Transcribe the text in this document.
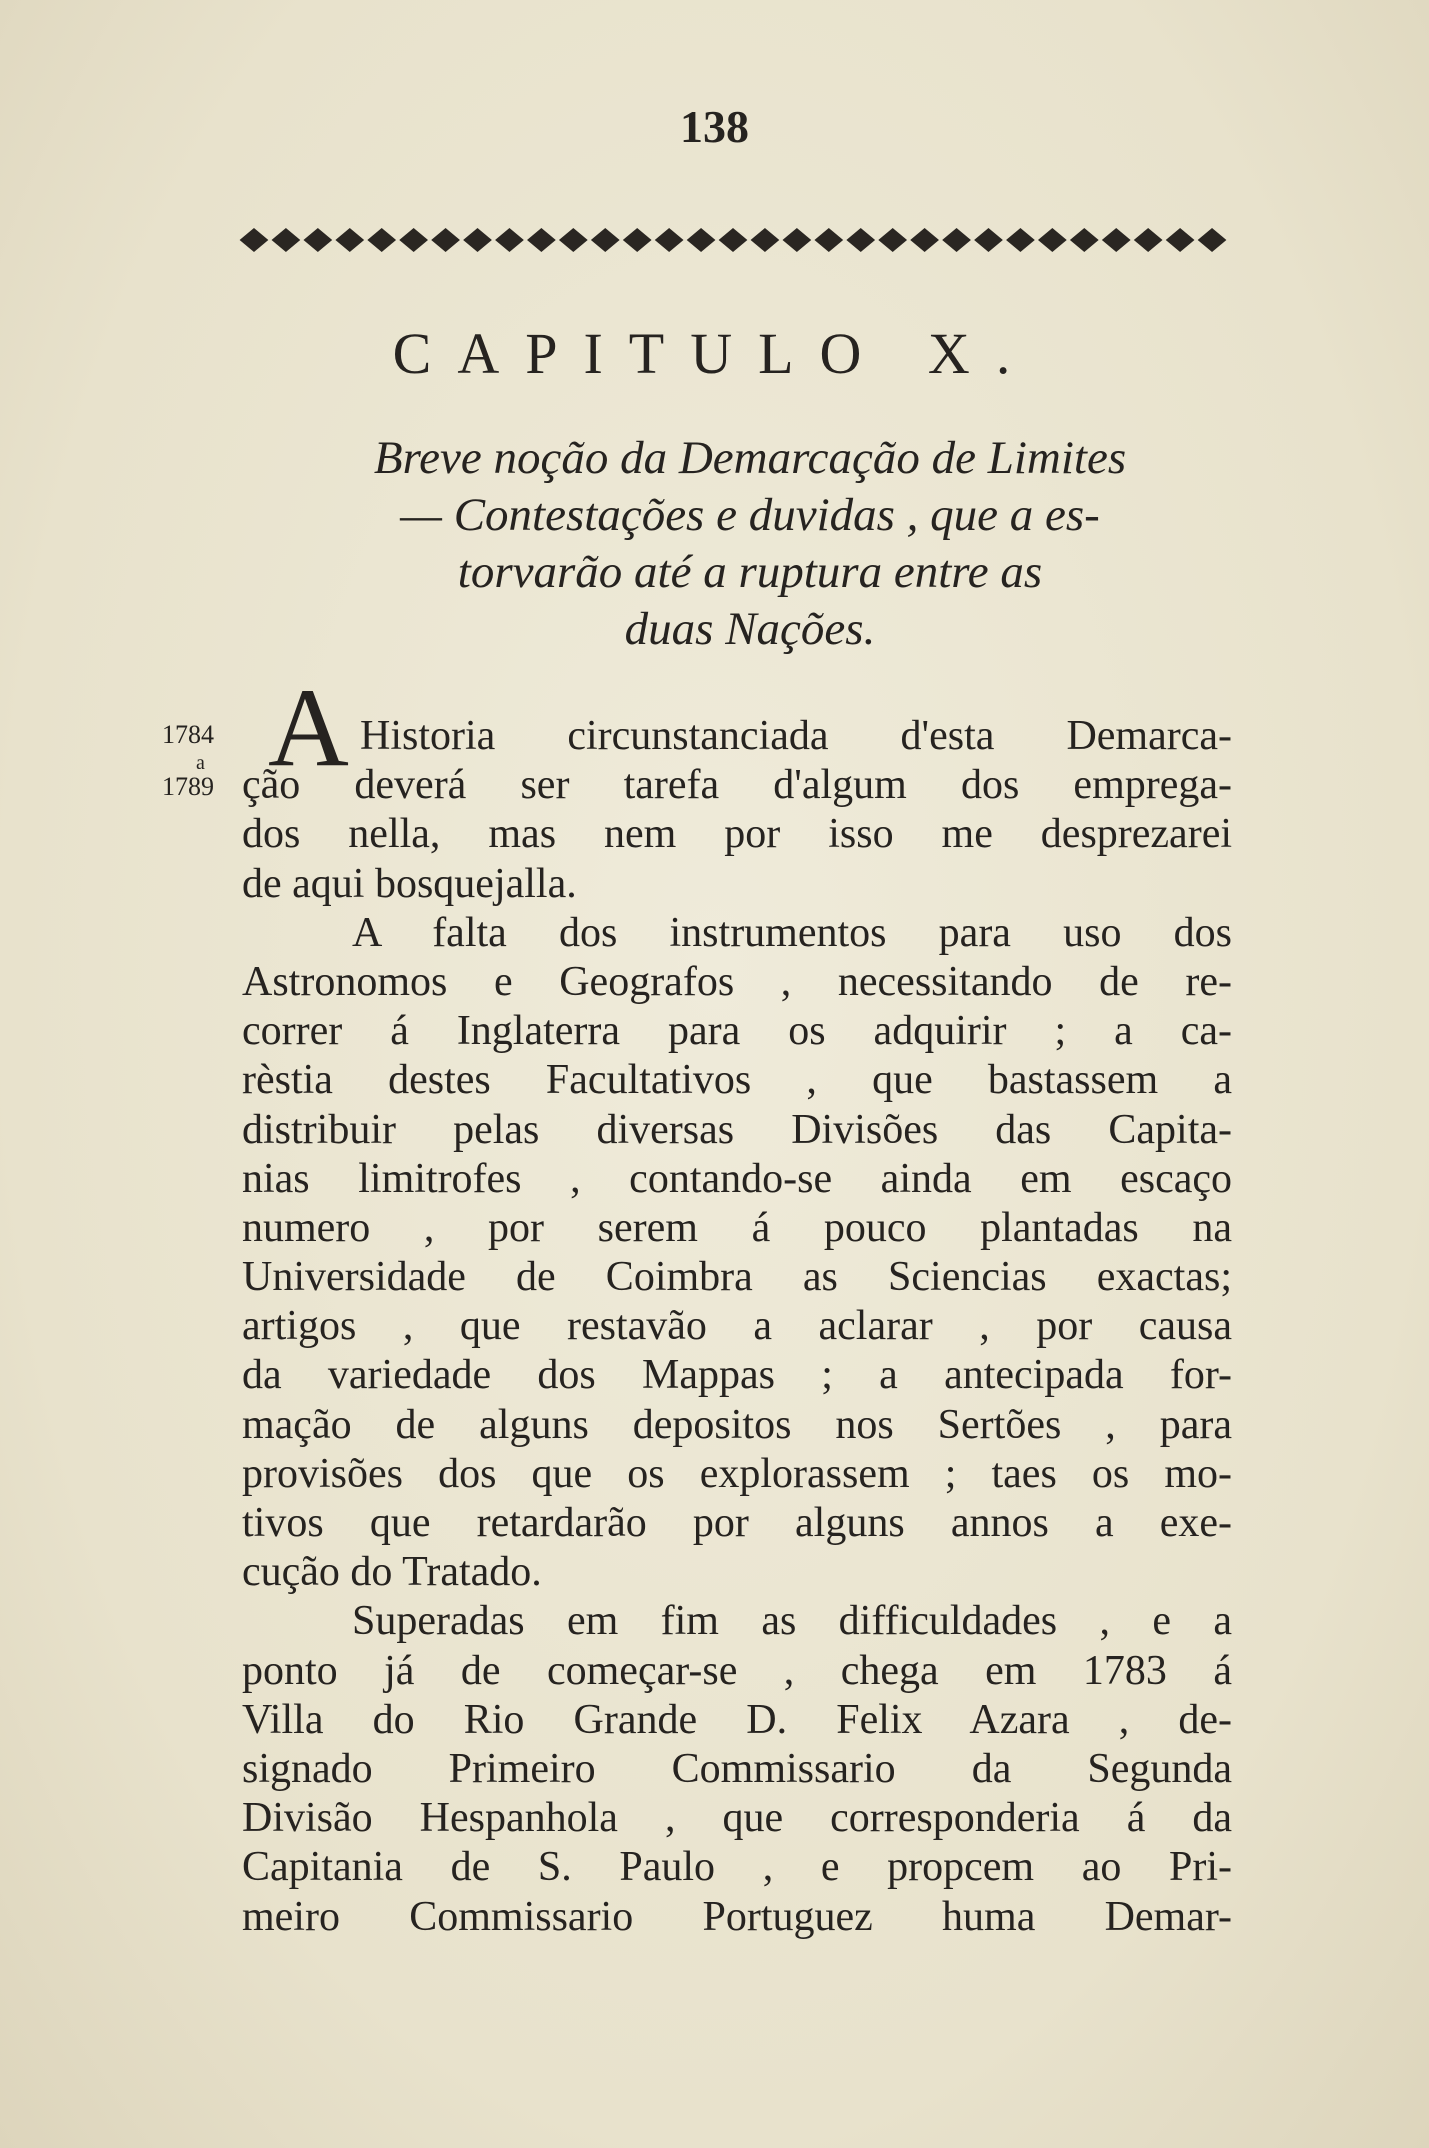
138
CAPITULO X.
Breve noção da Demarcação de Limites
— Contestações e duvidas , que a es-
torvarão até a ruptura entre as
duas Nações.
1784
a
1789 A Historia circunstanciada d'esta Demarca-
ção deverá ser tarefa d'algum dos emprega-
dos nella, mas nem por isso me desprezarei
de aqui bosquejalla.
A falta dos instrumentos para uso dos
Astronomos e Geografos , necessitando de re-
correr á Inglaterra para os adquirir ; a ca-
rèstia destes Facultativos , que bastassem a
distribuir pelas diversas Divisões das Capita-
nias limitrofes , contando-se ainda em escaço
numero , por serem á pouco plantadas na
Universidade de Coimbra as Sciencias exactas;
artigos , que restavão a aclarar , por causa
da variedade dos Mappas ; a antecipada for-
mação de alguns depositos nos Sertões , para
provisões dos que os explorassem ; taes os mo-
tivos que retardarão por alguns annos a exe-
cução do Tratado.
Superadas em fim as difficuldades , e a
ponto já de começar-se , chega em 1783 á
Villa do Rio Grande D. Felix Azara , de-
signado Primeiro Commissario da Segunda
Divisão Hespanhola , que corresponderia á da
Capitania de S. Paulo , e propcem ao Pri-
meiro Commissario Portuguez huma Demar-
